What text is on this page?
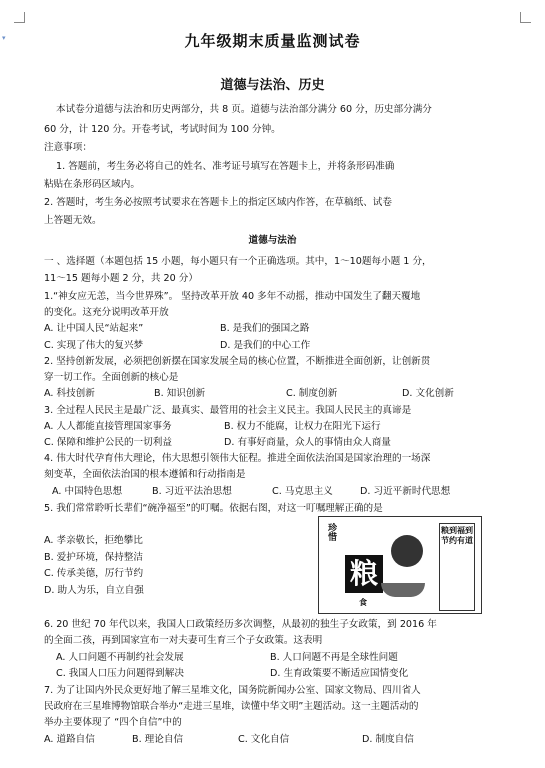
▾	九年级期末质量监测试卷
道德与法治、历史
本试卷分道德与法治和历史两部分，共 8 页。道德与法治部分满分 60 分，历史部分满分
60 分，计 120 分。开卷考试，考试时间为 100 分钟。
注意事项：
1. 答题前，考生务必将自己的姓名、准考证号填写在答题卡上，并将条形码准确
粘贴在条形码区域内。
2. 答题时，考生务必按照考试要求在答题卡上的指定区域内作答，在草稿纸、试卷
上答题无效。
道德与法治
一 、选择题（本题包括 15 小题，每小题只有一个正确选项。其中，1～10题每小题 1 分，
11～15 题每小题 2 分，共 20 分）
1.“神女应无恙，当今世界殊”。 坚持改革开放 40 多年不动摇，推动中国发生了翻天覆地
的变化。这充分说明改革开放
A. 让中国人民“站起来”	B. 是我们的强国之路
C. 实现了伟大的复兴梦	D. 是我们的中心工作
2. 坚持创新发展，必须把创新摆在国家发展全局的核心位置，不断推进全面创新，让创新贯
穿一切工作。全面创新的核心是
A. 科技创新	B. 知识创新	C. 制度创新	D. 文化创新
3. 全过程人民民主是最广泛、最真实、最管用的社会主义民主。我国人民民主的真谛是
A. 人人都能直接管理国家事务	B. 权力不能腐，让权力在阳光下运行
C. 保障和维护公民的一切利益	D. 有事好商量，众人的事情由众人商量
4. 伟大时代孕育伟大理论，伟大思想引领伟大征程。推进全面依法治国是国家治理的一场深
刻变革，全面依法治国的根本遵循和行动指南是
A. 中国特色思想	B. 习近平法治思想	C. 马克思主义	D. 习近平新时代思想
5. 我们常常聆听长辈们“碗净福至”的叮嘱。依据右图，对这一叮嘱理解正确的是
A. 孝亲敬长，拒绝攀比
B. 爱护环境，保持整洁
C. 传承美德，厉行节约
D. 助人为乐，自立自强
珍惜
粮
食
粮到福到 节约有道
6. 20 世纪 70 年代以来，我国人口政策经历多次调整，从最初的独生子女政策，到 2016 年
的全面二孩，再到国家宣布一对夫妻可生育三个子女政策。这表明
A. 人口问题不再制约社会发展	B. 人口问题不再是全球性问题
C. 我国人口压力问题得到解决	D. 生育政策要不断适应国情变化
7. 为了让国内外民众更好地了解三星堆文化，国务院新闻办公室、国家文物局、四川省人
民政府在三星堆博物馆联合举办“走进三星堆，读懂中华文明”主题活动。这一主题活动的
举办主要体现了 “四个自信”中的
A. 道路自信	B. 理论自信	C. 文化自信	D. 制度自信
